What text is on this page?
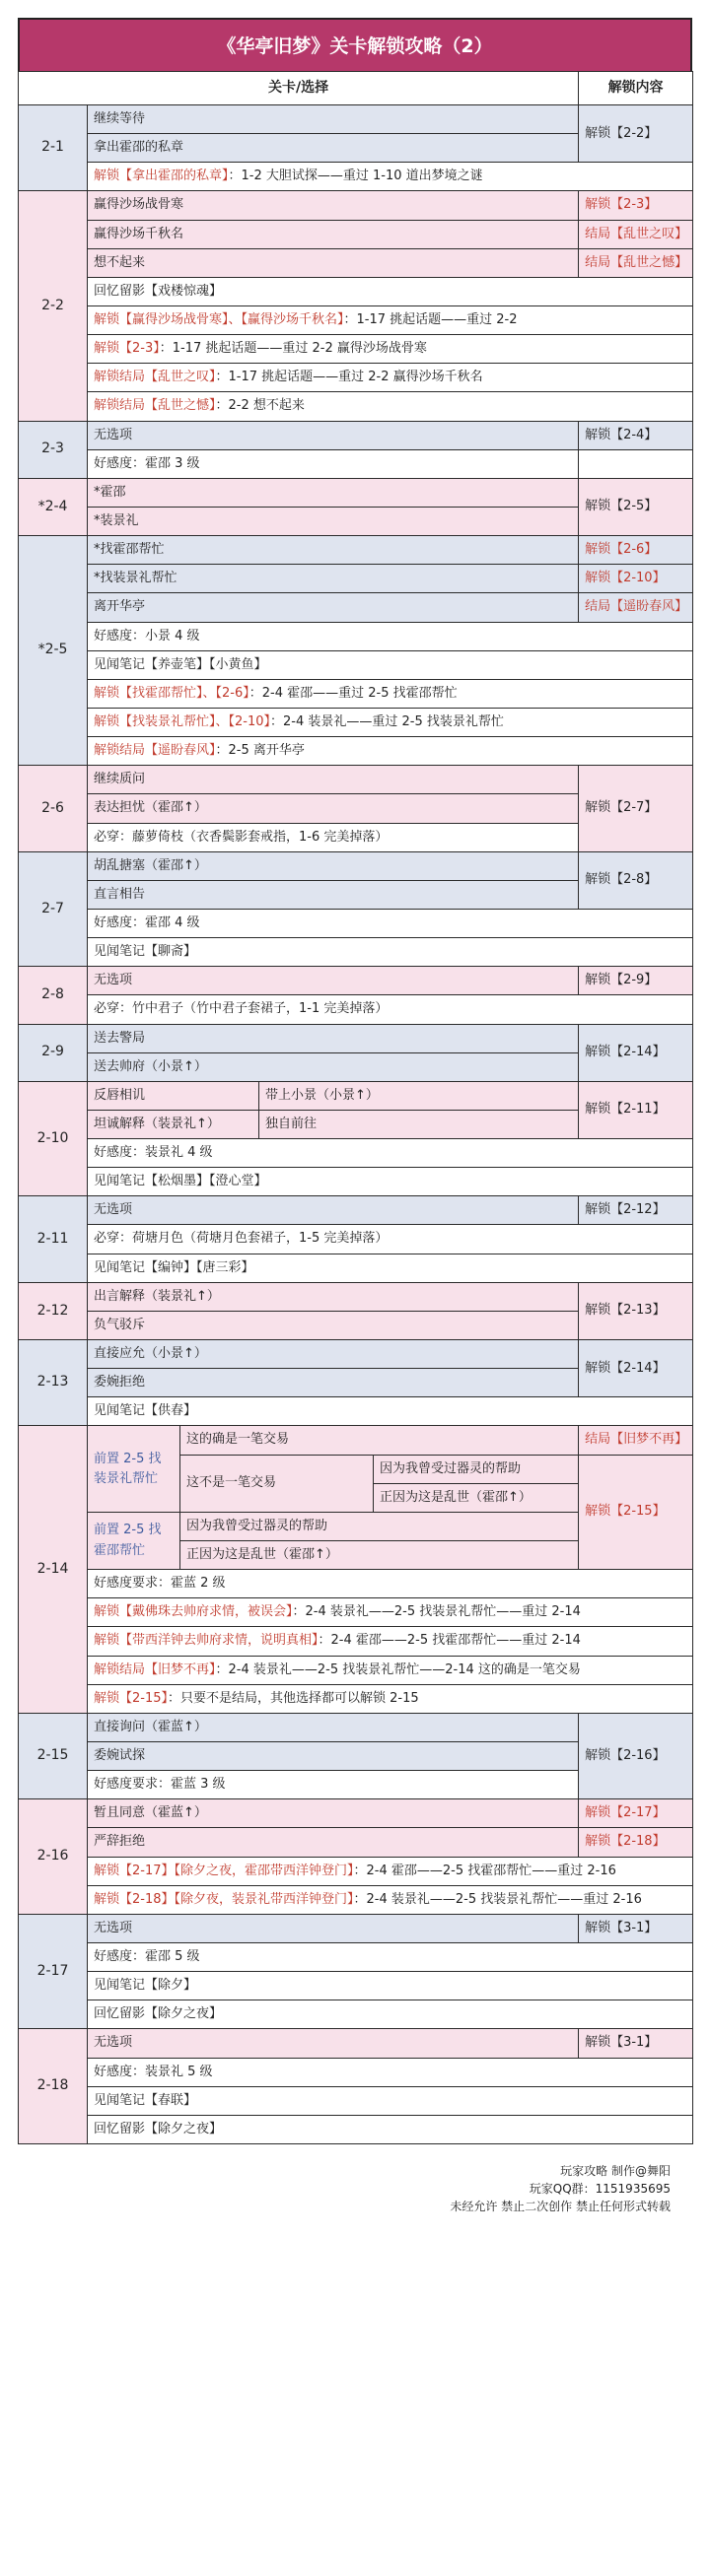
《华亭旧梦》关卡解锁攻略（2）
关卡/选择					解锁内容
2-1	继续等待				解锁【2-2】
	拿出霍邵的私章				
	解锁【拿出霍邵的私章】：1-2 大胆试探——重过 1-10 道出梦境之谜				
2-2	赢得沙场战骨寒				解锁【2-3】
	赢得沙场千秋名				结局【乱世之叹】
	想不起来				结局【乱世之憾】
	回忆留影【戏楼惊魂】				
	解锁【赢得沙场战骨寒】、【赢得沙场千秋名】：1-17 挑起话题——重过 2-2				
	解锁【2-3】：1-17 挑起话题——重过 2-2 赢得沙场战骨寒				
	解锁结局【乱世之叹】：1-17 挑起话题——重过 2-2 赢得沙场千秋名				
	解锁结局【乱世之憾】：2-2 想不起来				
2-3	无选项				解锁【2-4】
	好感度：霍邵 3 级				
*2-4	*霍邵				解锁【2-5】
	*装景礼				
*2-5	*找霍邵帮忙				解锁【2-6】
	*找装景礼帮忙				解锁【2-10】
	离开华亭				结局【遥盼春风】
	好感度：小景 4 级				
	见闻笔记【养壶笔】【小黄鱼】				
	解锁【找霍邵帮忙】、【2-6】：2-4 霍邵——重过 2-5 找霍邵帮忙				
	解锁【找装景礼帮忙】、【2-10】：2-4 装景礼——重过 2-5 找装景礼帮忙				
	解锁结局【遥盼春风】：2-5 离开华亭				
2-6	继续质问				解锁【2-7】
	表达担忧（霍邵↑）				
	必穿：藤萝倚枝（衣香鬓影套戒指，1-6 完美掉落）				
2-7	胡乱搪塞（霍邵↑）				解锁【2-8】
	直言相告				
	好感度：霍邵 4 级				
	见闻笔记【聊斋】				
2-8	无选项				解锁【2-9】
	必穿：竹中君子（竹中君子套裙子，1-1 完美掉落）				
2-9	送去警局				解锁【2-14】
	送去帅府（小景↑）				
2-10	反唇相讥		带上小景（小景↑）		解锁【2-11】
	坦诚解释（装景礼↑）		独自前往		
	好感度：装景礼 4 级				
	见闻笔记【松烟墨】【澄心堂】				
2-11	无选项				解锁【2-12】
	必穿：荷塘月色（荷塘月色套裙子，1-5 完美掉落）				
	见闻笔记【编钟】【唐三彩】				
2-12	出言解释（装景礼↑）				解锁【2-13】
	负气驳斥				
2-13	直接应允（小景↑）				解锁【2-14】
	委婉拒绝				
	见闻笔记【供春】				
2-14	前置 2-5 找装景礼帮忙	这的确是一笔交易			结局【旧梦不再】
		这不是一笔交易		因为我曾受过器灵的帮助	解锁【2-15】
				正因为这是乱世（霍邵↑）	
	前置 2-5 找霍邵帮忙	因为我曾受过器灵的帮助			
		正因为这是乱世（霍邵↑）			
	好感度要求：霍蓝 2 级				
	解锁【戴佛珠去帅府求情，被误会】：2-4 装景礼——2-5 找装景礼帮忙——重过 2-14				
	解锁【带西洋钟去帅府求情，说明真相】：2-4 霍邵——2-5 找霍邵帮忙——重过 2-14				
	解锁结局【旧梦不再】：2-4 装景礼——2-5 找装景礼帮忙——2-14 这的确是一笔交易				
	解锁【2-15】：只要不是结局，其他选择都可以解锁 2-15				
2-15	直接询问（霍蓝↑）				解锁【2-16】
	委婉试探				
	好感度要求：霍蓝 3 级				
2-16	暂且同意（霍蓝↑）				解锁【2-17】
	严辞拒绝				解锁【2-18】
	解锁【2-17】【除夕之夜，霍邵带西洋钟登门】：2-4 霍邵——2-5 找霍邵帮忙——重过 2-16				
	解锁【2-18】【除夕夜，装景礼带西洋钟登门】：2-4 装景礼——2-5 找装景礼帮忙——重过 2-16				
2-17	无选项				解锁【3-1】
	好感度：霍邵 5 级				
	见闻笔记【除夕】				
	回忆留影【除夕之夜】				
2-18	无选项				解锁【3-1】
	好感度：装景礼 5 级				
	见闻笔记【春联】				
	回忆留影【除夕之夜】				
玩家攻略 制作@舞阳
玩家QQ群：1151935695
未经允许 禁止二次创作 禁止任何形式转载
